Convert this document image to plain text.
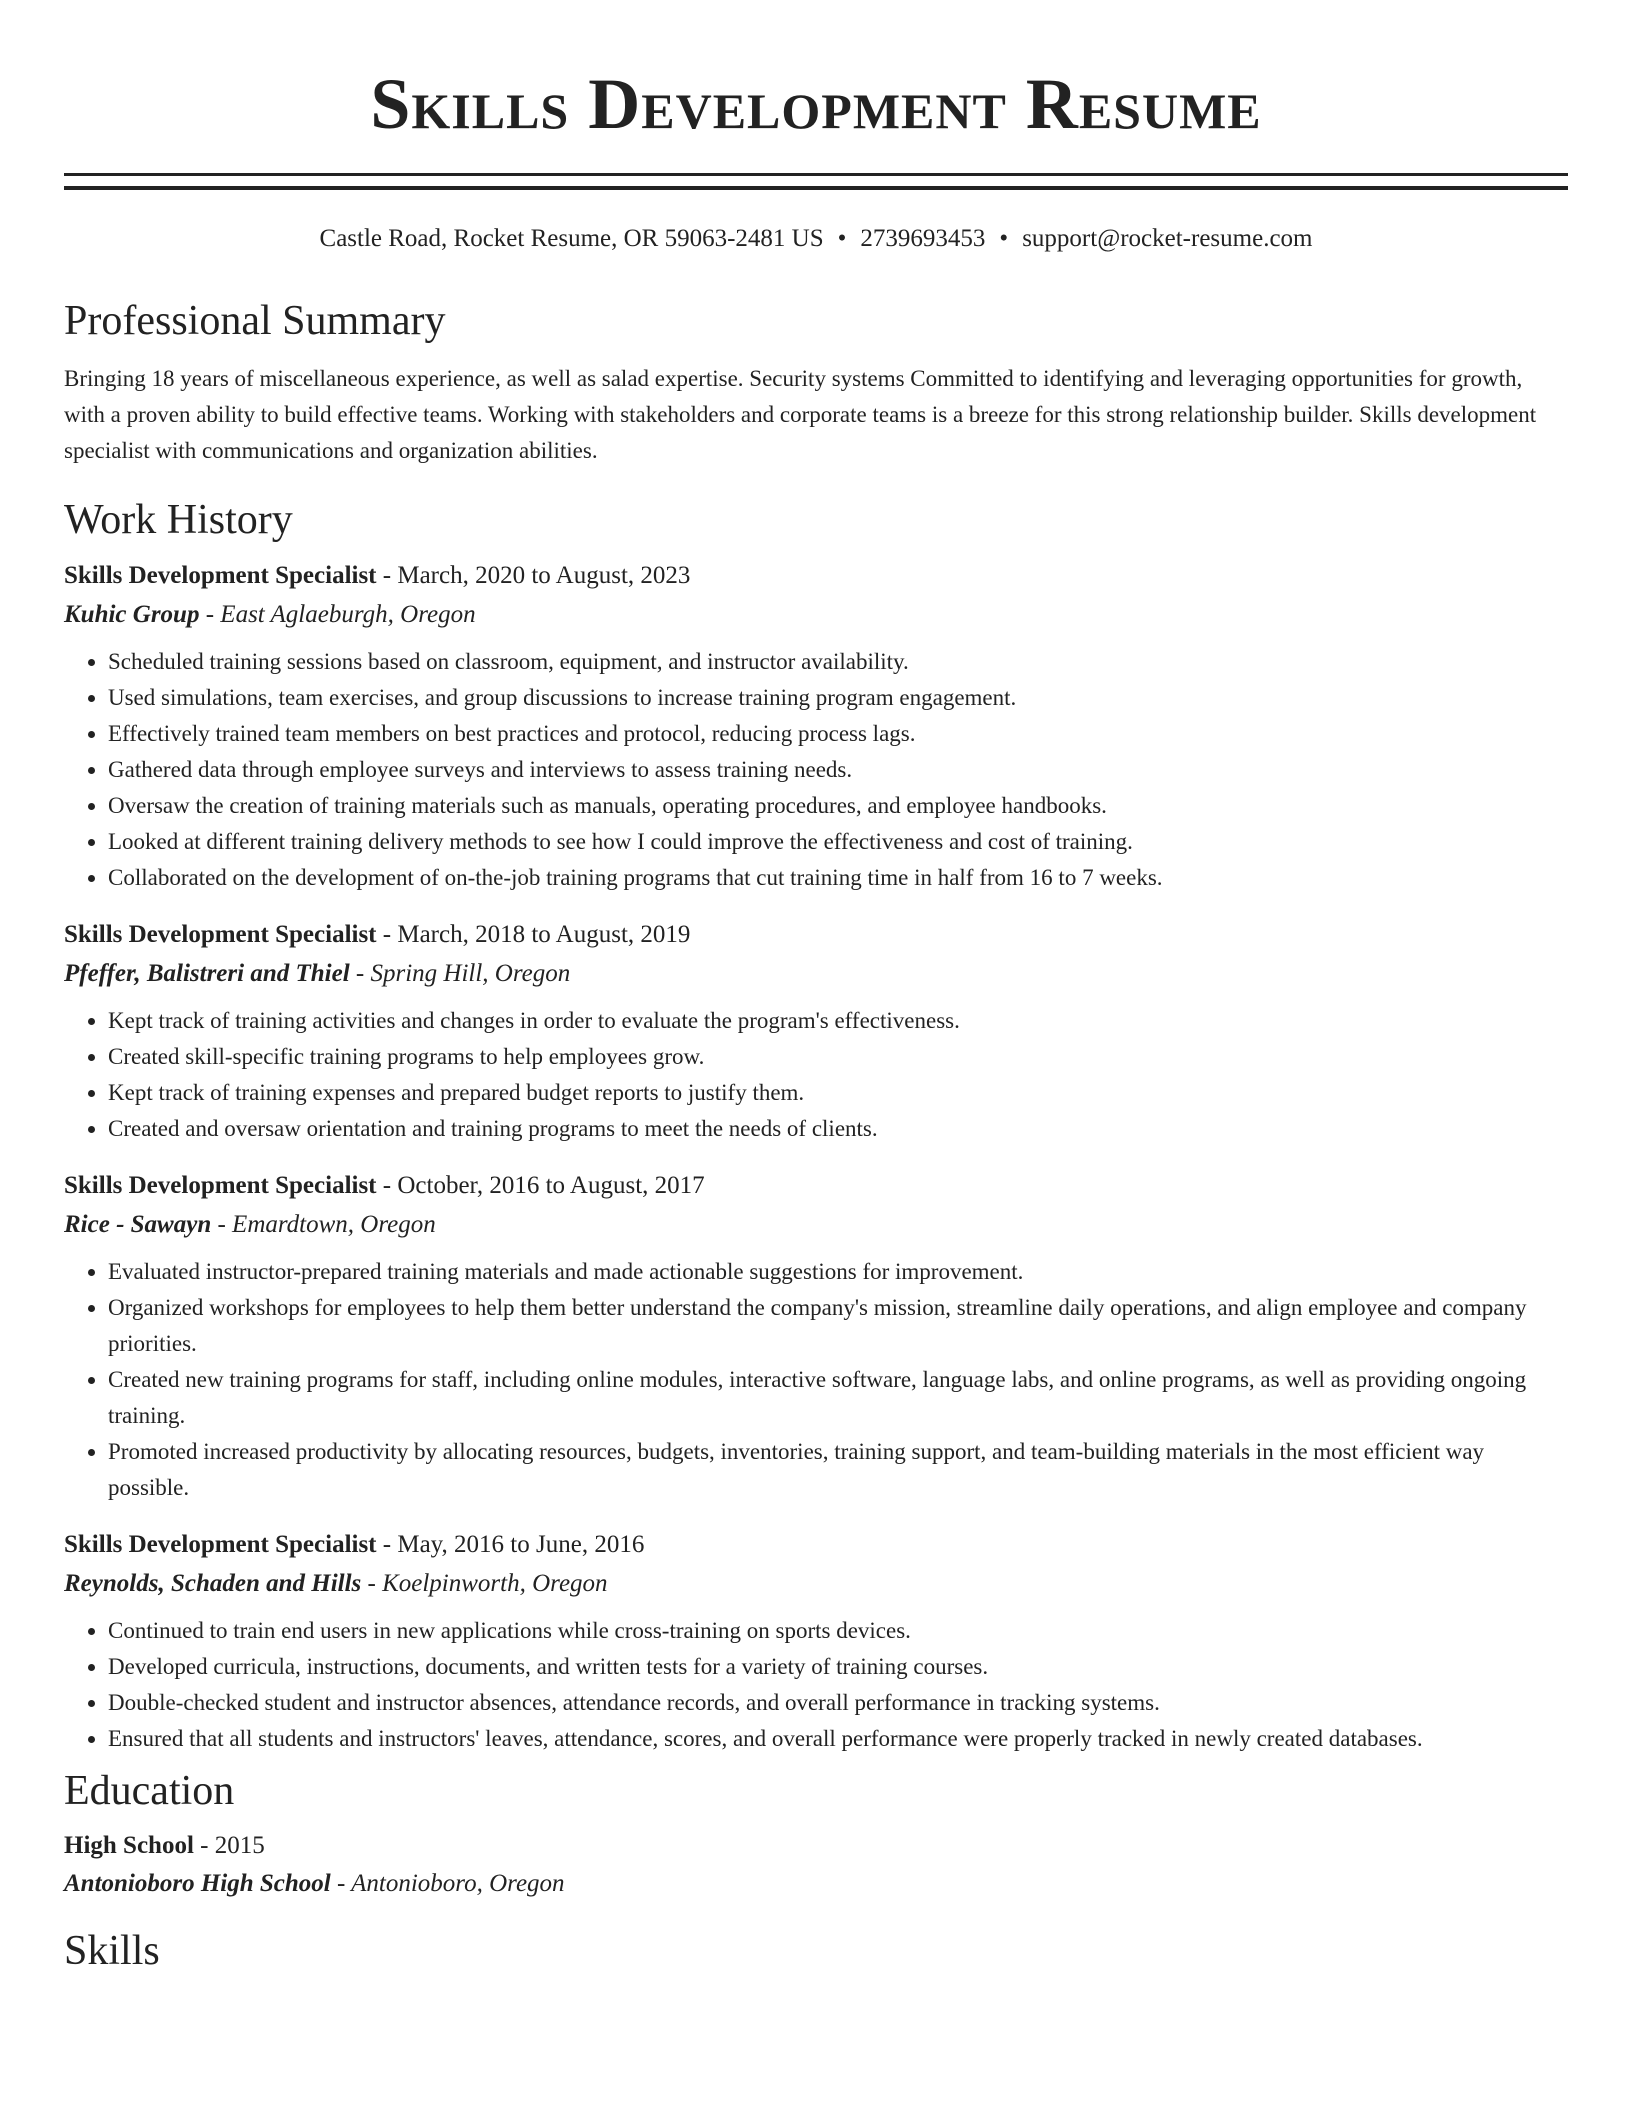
Skills Development Resume
Castle Road, Rocket Resume, OR 59063-2481 US • 2739693453 • support@rocket-resume.com
Professional Summary

Bringing 18 years of miscellaneous experience, as well as salad expertise. Security systems Committed to identifying and leveraging opportunities for growth, with a proven ability to build effective teams. Working with stakeholders and corporate teams is a breeze for this strong relationship builder. Skills development specialist with communications and organization abilities.

Work History
Skills Development Specialist - March, 2020 to August, 2023
Kuhic Group - East Aglaeburgh, Oregon
• Scheduled training sessions based on classroom, equipment, and instructor availability.
• Used simulations, team exercises, and group discussions to increase training program engagement.
• Effectively trained team members on best practices and protocol, reducing process lags.
• Gathered data through employee surveys and interviews to assess training needs.
• Oversaw the creation of training materials such as manuals, operating procedures, and employee handbooks.
• Looked at different training delivery methods to see how I could improve the effectiveness and cost of training.
• Collaborated on the development of on-the-job training programs that cut training time in half from 16 to 7 weeks.
Skills Development Specialist - March, 2018 to August, 2019
Pfeffer, Balistreri and Thiel - Spring Hill, Oregon
• Kept track of training activities and changes in order to evaluate the program's effectiveness.
• Created skill-specific training programs to help employees grow.
• Kept track of training expenses and prepared budget reports to justify them.
• Created and oversaw orientation and training programs to meet the needs of clients.
Skills Development Specialist - October, 2016 to August, 2017
Rice - Sawayn - Emardtown, Oregon
• Evaluated instructor-prepared training materials and made actionable suggestions for improvement.
• Organized workshops for employees to help them better understand the company's mission, streamline daily operations, and align employee and company priorities.
• Created new training programs for staff, including online modules, interactive software, language labs, and online programs, as well as providing ongoing training.
• Promoted increased productivity by allocating resources, budgets, inventories, training support, and team-building materials in the most efficient way possible.
Skills Development Specialist - May, 2016 to June, 2016
Reynolds, Schaden and Hills - Koelpinworth, Oregon
• Continued to train end users in new applications while cross-training on sports devices.
• Developed curricula, instructions, documents, and written tests for a variety of training courses.
• Double-checked student and instructor absences, attendance records, and overall performance in tracking systems.
• Ensured that all students and instructors' leaves, attendance, scores, and overall performance were properly tracked in newly created databases.
Education
High School - 2015
Antonioboro High School - Antonioboro, Oregon
Skills
